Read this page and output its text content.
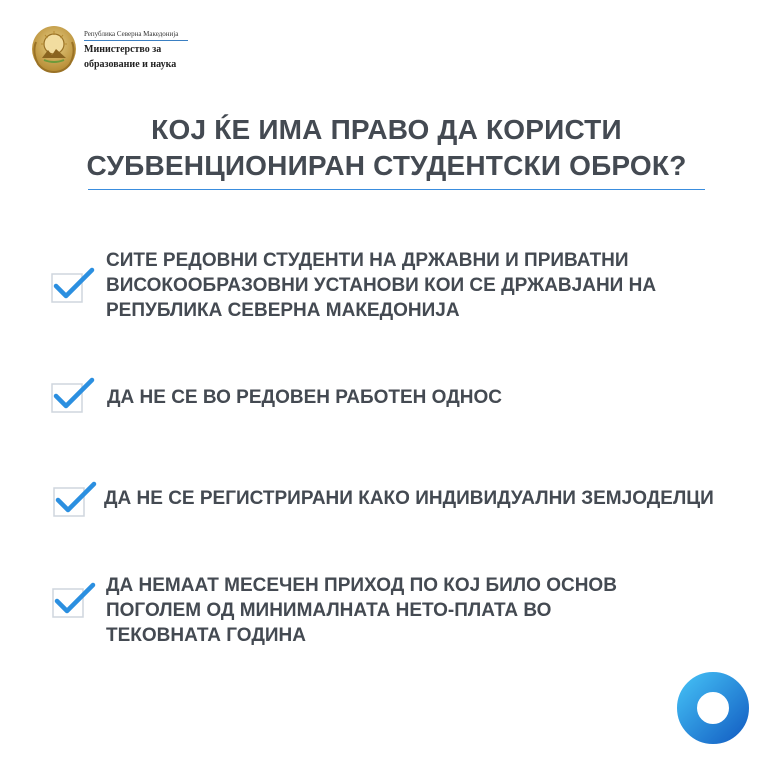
Република Северна Македонија
Министерство за
образование и наука
КОЈ ЌЕ ИМА ПРАВО ДА КОРИСТИ
СУБВЕНЦИОНИРАН СТУДЕНТСКИ ОБРОК?
СИТЕ РЕДОВНИ СТУДЕНТИ НА ДРЖАВНИ И ПРИВАТНИ
ВИСОКООБРАЗОВНИ УСТАНОВИ КОИ СЕ ДРЖАВЈАНИ НА
РЕПУБЛИКА СЕВЕРНА МАКЕДОНИЈА
ДА НЕ СЕ ВО РЕДОВЕН РАБОТЕН ОДНОС
ДА НЕ СЕ РЕГИСТРИРАНИ КАКО ИНДИВИДУАЛНИ ЗЕМЈОДЕЛЦИ
ДА НЕМААТ МЕСЕЧЕН ПРИХОД ПО КОЈ БИЛО ОСНОВ
ПОГОЛЕМ ОД МИНИМАЛНАТА НЕТО-ПЛАТА ВО
ТЕКОВНАТА ГОДИНА
